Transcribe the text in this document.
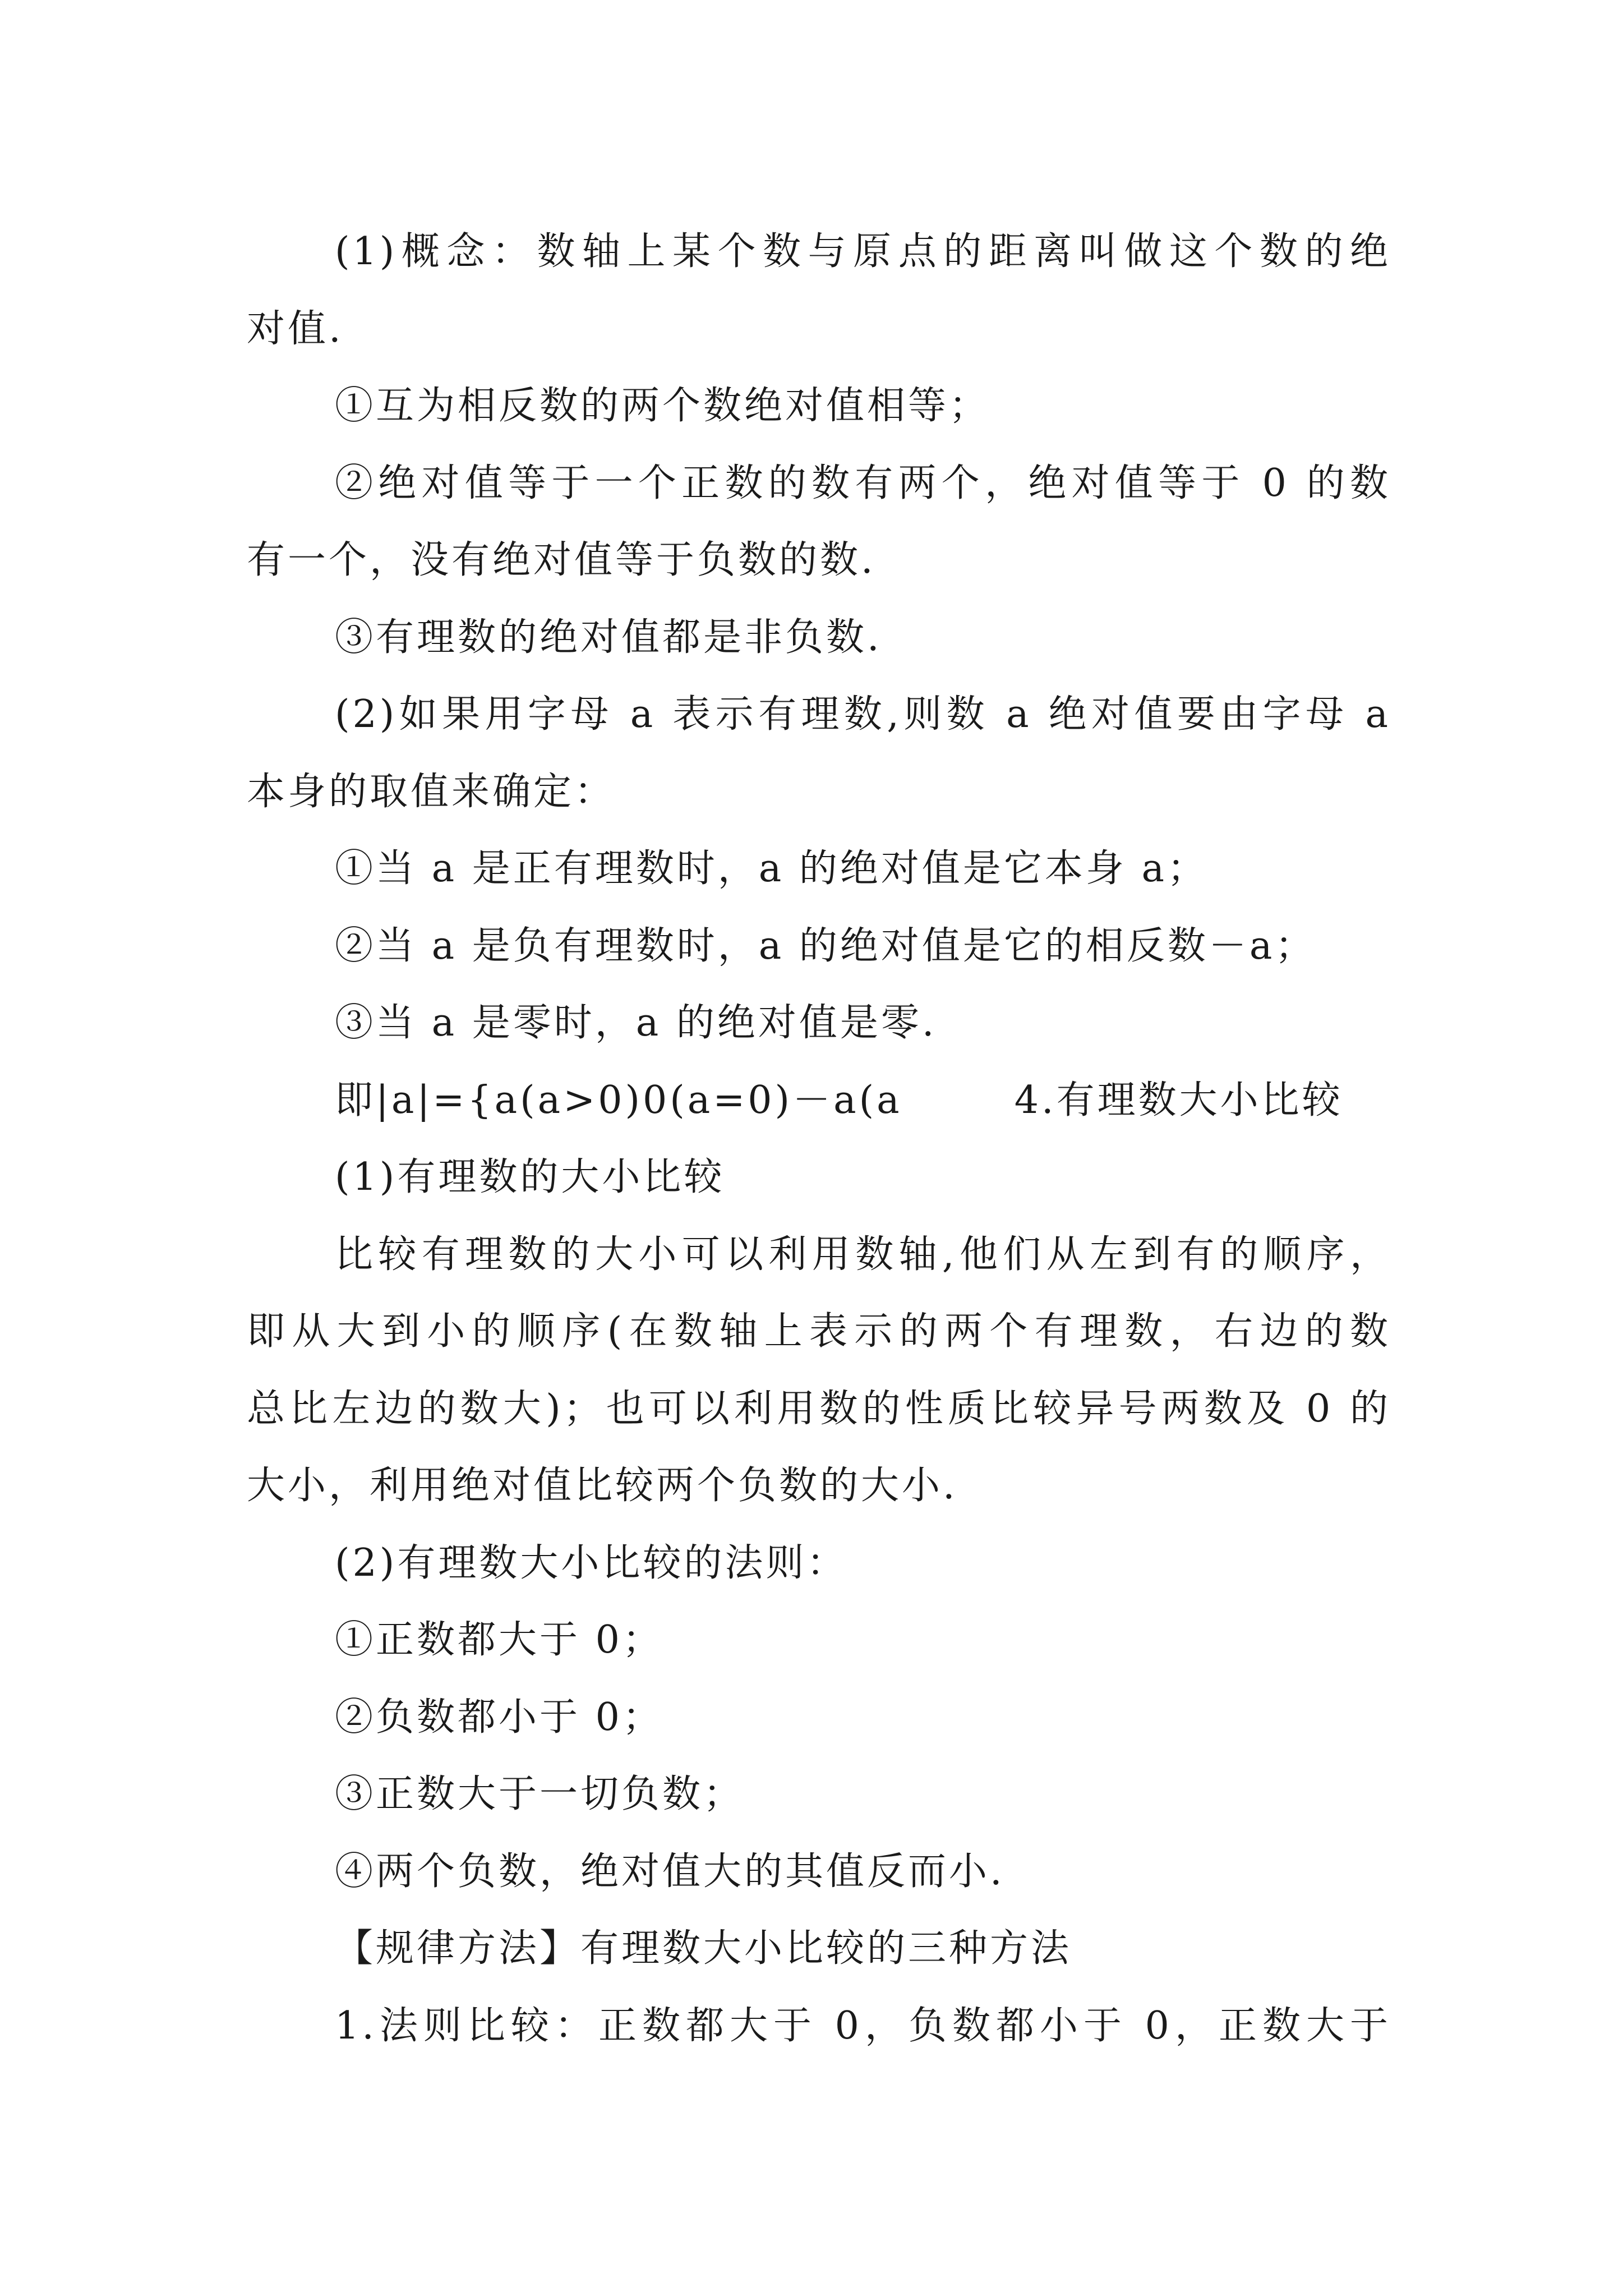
(1)概念：数轴上某个数与原点的距离叫做这个数的绝
对值.
①互为相反数的两个数绝对值相等；
②绝对值等于一个正数的数有两个，绝对值等于 0 的数
有一个，没有绝对值等于负数的数.
③有理数的绝对值都是非负数.
(2)如果用字母 a 表示有理数,则数 a 绝对值要由字母 a
本身的取值来确定：
①当 a 是正有理数时，a 的绝对值是它本身 a；
②当 a 是负有理数时，a 的绝对值是它的相反数－a；
③当 a 是零时，a 的绝对值是零.
即|a|={a(a>0)0(a=0)－a(a	4.有理数大小比较
(1)有理数的大小比较
比较有理数的大小可以利用数轴,他们从左到有的顺序，
即从大到小的顺序(在数轴上表示的两个有理数，右边的数
总比左边的数大)；也可以利用数的性质比较异号两数及 0 的
大小，利用绝对值比较两个负数的大小.
(2)有理数大小比较的法则：
①正数都大于 0；
②负数都小于 0；
③正数大于一切负数；
④两个负数，绝对值大的其值反而小.
【规律方法】有理数大小比较的三种方法
1.法则比较：正数都大于 0，负数都小于 0，正数大于
